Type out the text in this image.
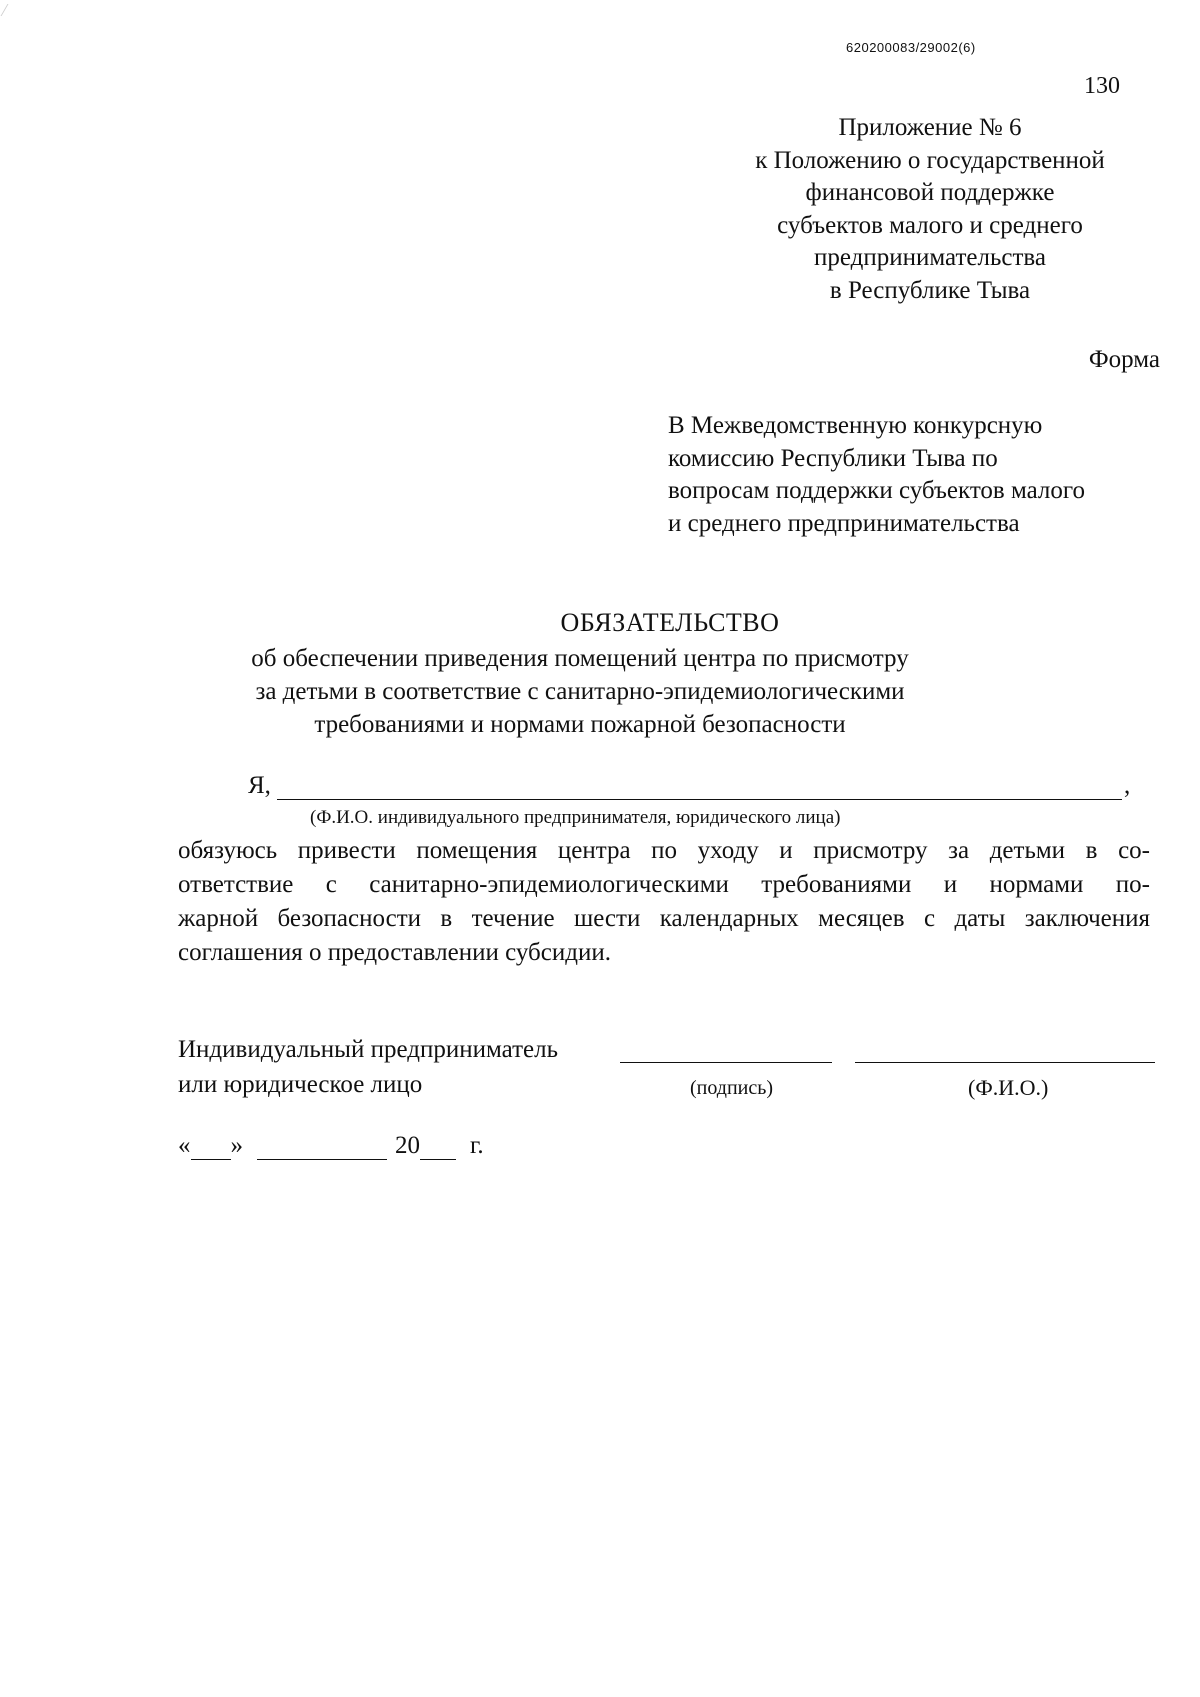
620200083/29002(6)
130
Приложение № 6
к Положению о государственной
финансовой поддержке
субъектов малого и среднего
предпринимательства
в Республике Тыва
Форма
В Межведомственную конкурсную
комиссию Республики Тыва по
вопросам поддержки субъектов малого
и среднего предпринимательства
ОБЯЗАТЕЛЬСТВО
об обеспечении приведения помещений центра по присмотру
за детьми в соответствие с санитарно-эпидемиологическими
требованиями и нормами пожарной безопасности
Я,	,
(Ф.И.О. индивидуального предпринимателя, юридического лица)
обязуюсь привести помещения центра по уходу и присмотру за детьми в со-
ответствие с санитарно-эпидемиологическими требованиями и нормами по-
жарной безопасности в течение шести календарных месяцев с даты заключения
соглашения о предоставлении субсидии.
Индивидуальный предприниматель
или юридическое лицо	(подпись)	(Ф.И.О.)
« »	20 г.
